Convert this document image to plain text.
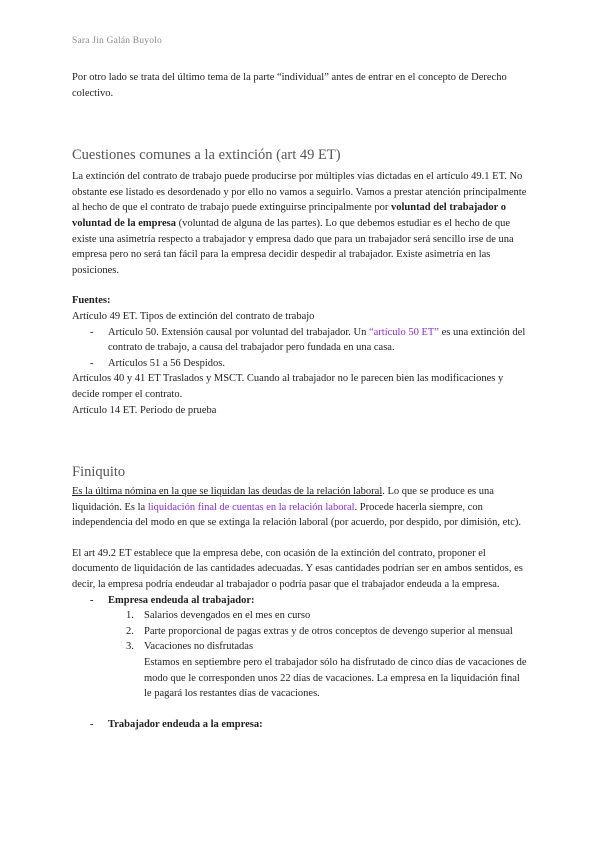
Sara Jin Galán Buyolo

Por otro lado se trata del último tema de la parte “individual” antes de entrar en el concepto de Derecho colectivo.

Cuestiones comunes a la extinción (art 49 ET)

La extinción del contrato de trabajo puede producirse por múltiples vías dictadas en el artículo 49.1 ET. No obstante ese listado es desordenado y por ello no vamos a seguirlo. Vamos a prestar atención principalmente al hecho de que el contrato de trabajo puede extinguirse principalmente por voluntad del trabajador o voluntad de la empresa (voluntad de alguna de las partes). Lo que debemos estudiar es el hecho de que existe una asimetría respecto a trabajador y empresa dado que para un trabajador será sencillo irse de una empresa pero no será tan fácil para la empresa decidir despedir al trabajador. Existe asimetría en las posiciones.

Fuentes:

Artículo 49 ET. Tipos de extinción del contrato de trabajo

- Artículo 50. Extensión causal por voluntad del trabajador. Un “artículo 50 ET” es una extinción del contrato de trabajo, a causa del trabajador pero fundada en una casa.
- Artículos 51 a 56 Despidos.

Artículos 40 y 41 ET Traslados y MSCT. Cuando al trabajador no le parecen bien las modificaciones y decide romper el contrato.

Artículo 14 ET. Periodo de prueba

Finiquito

Es la última nómina en la que se liquidan las deudas de la relación laboral. Lo que se produce es una liquidación. Es la liquidación final de cuentas en la relación laboral. Procede hacerla siempre, con independencia del modo en que se extinga la relación laboral (por acuerdo, por despido, por dimisión, etc).

El art 49.2 ET establece que la empresa debe, con ocasión de la extinción del contrato, proponer el documento de liquidación de las cantidades adecuadas. Y esas cantidades podrían ser en ambos sentidos, es decir, la empresa podría endeudar al trabajador o podría pasar que el trabajador endeuda a la empresa.

- Empresa endeuda al trabajador:
1. Salarios devengados en el mes en curso
2. Parte proporcional de pagas extras y de otros conceptos de devengo superior al mensual
3. Vacaciones no disfrutadas
Estamos en septiembre pero el trabajador sólo ha disfrutado de cinco días de vacaciones de modo que le corresponden unos 22 días de vacaciones. La empresa en la liquidación final le pagará los restantes días de vacaciones.
- Trabajador endeuda a la empresa:
